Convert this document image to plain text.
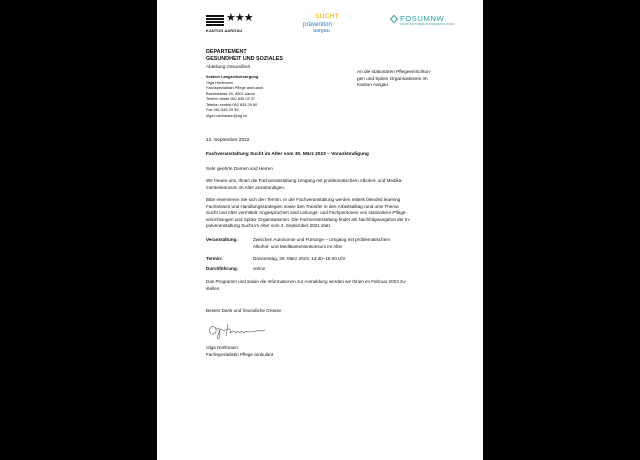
★★★
KANTON AARGAU
SUCHT
prävention
aargau
FOSUMNW
FORUM SUCHTMEDIZIN NORDWESTSCHWEIZ
DEPARTEMENT
GESUNDHEIT UND SOZIALES
Abteilung Gesundheit
Sektion Langzeitversorgung
Olga Hürlimann
Fachspezialistin Pflege ambulant
Bachstrasse 15, 5001 Aarau
Telefon direkt 062 835 29 37
Telefon zentral 062 835 29 60
Fax 062 835 29 39
olga.huerlimann@ag.ch
An die stationären Pflegeeinrichtun-
gen und Spitex Organisationen im
Kanton Aargau
12. September 2022
Fachveranstaltung Sucht im Alter vom 30. März 2023 – Vorankündigung
Sehr geehrte Damen und Herren
Wir freuen uns, Ihnen die Fachveranstaltung Umgang mit problematischem Alkohol- und Medika-
mentenkonsum im Alter anzukündigen.
Bitte reservieren Sie sich den Termin. In der Fachveranstaltung werden mittels blended learning
Fachwissen und Handlungsstrategien sowie den Transfer in den Arbeitsalltag rund ums Thema
Sucht und Alter vermittelt. Angesprochen sind Leitungs- und Fachpersonen von stationären Pflege-
einrichtungen und Spitex Organisationen. Die Fachveranstaltung findet als Nachfolgeangebot der In-
putveranstaltung Sucht im Alter vom 2. September 2021 statt.
Veranstaltung:	Zwischen Autonomie und Fürsorge – Umgang mit problematischem
Alkohol- und Medikamentenkonsum im Alter
Termin:	Donnerstag, 30. März 2023, 13.30–16.00 Uhr
Durchführung:	online
Das Programm und sowie die Informationen zur Anmeldung werden wir Ihnen im Februar 2023 zu-
stellen.
Besten Dank und freundliche Grüsse
Olga Hürlimann
Fachspezialistin Pflege ambulant
